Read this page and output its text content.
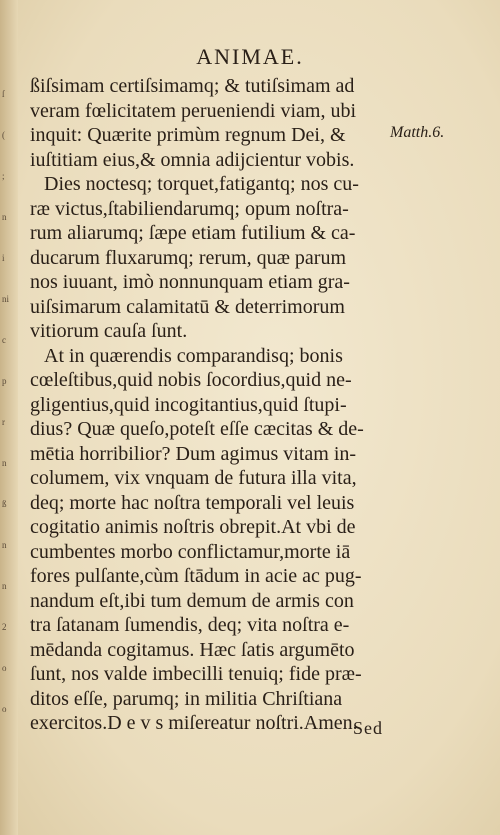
ſ
(
;
n
i
ni
c
p
r
n
ß
n
n
2
o
o
ANIMAE.
ßiſsimam certiſsimamq; & tutiſsimam ad
veram fœlicitatem perueniendi viam, ubi
inquit: Quærite primùm regnum Dei, &
iuſtitiam eius,& omnia adijcientur vobis.
Dies noctesq; torquet,fatigantq; nos cu-
ræ victus,ſtabiliendarumq; opum noſtra-
rum aliarumq; ſæpe etiam futilium & ca-
ducarum fluxarumq; rerum, quæ parum
nos iuuant, imò nonnunquam etiam gra-
uiſsimarum calamitatū & deterrimorum
vitiorum cauſa ſunt.
At in quærendis comparandisq; bonis
cœleſtibus,quid nobis ſocordius,quid ne-
gligentius,quid incogitantius,quid ſtupi-
dius? Quæ queſo,poteſt eſſe cæcitas & de-
mētia horribilior? Dum agimus vitam in-
columem, vix vnquam de futura illa vita,
deq; morte hac noſtra temporali vel leuis
cogitatio animis noſtris obrepit.At vbi de
cumbentes morbo conflictamur,morte iā
fores pulſante,cùm ſtādum in acie ac pug-
nandum eſt,ibi tum demum de armis con
tra ſatanam ſumendis, deq; vita noſtra e-
mēdanda cogitamus. Hæc ſatis argumēto
ſunt, nos valde imbecilli tenuiq; fide præ-
ditos eſſe, parumq; in militia Chriſtiana
exercitos.D e v s miſereatur noſtri.Amen.
Matth.6.
Sed
